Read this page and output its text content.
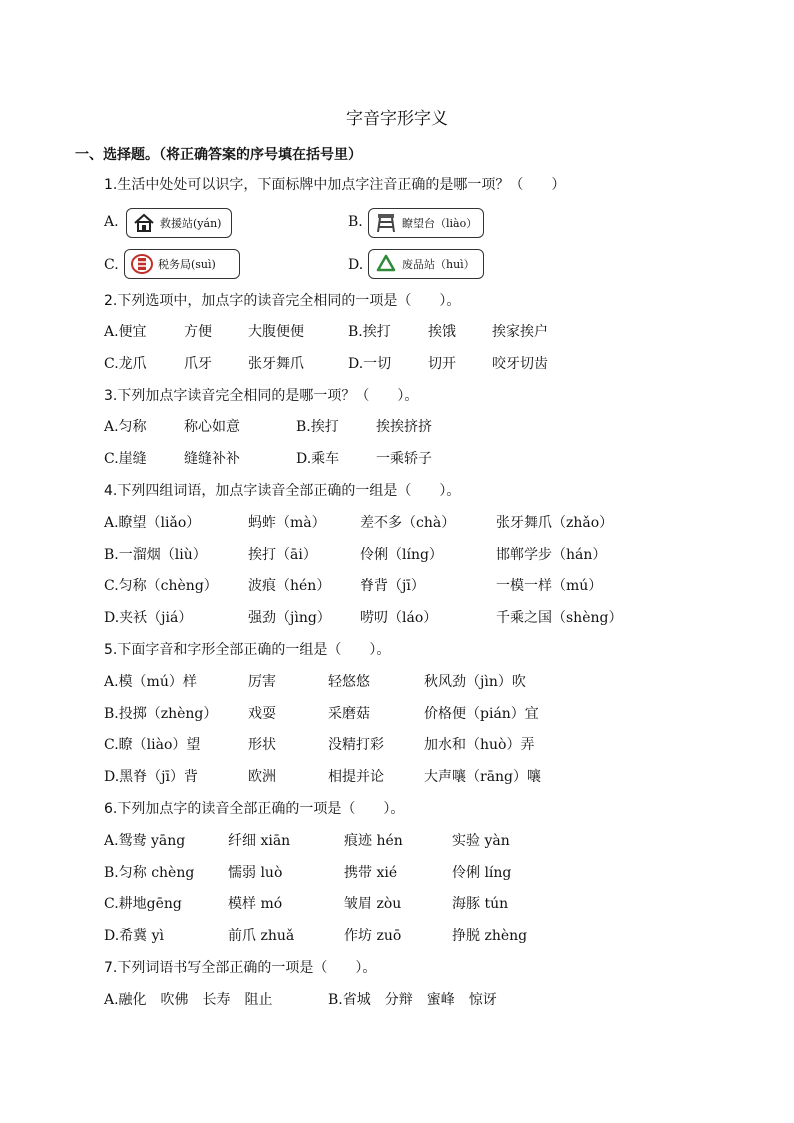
字音字形字义
一、选择题。（将正确答案的序号填在括号里）
1.生活中处处可以识字，下面标牌中加点字注音正确的是哪一项？（　　）
A.	救援站(yán)	B.	瞭望台（liào）
C.	税务局(suì)	D.	废品站（huì）
2.下列选项中，加点字的读音完全相同的一项是（　　）。
A.便宜	方便	大腹便便	B.挨打	挨饿	挨家挨户
C.龙爪	爪牙	张牙舞爪	D.一切	切开	咬牙切齿
3.下列加点字读音完全相同的是哪一项？（　　）。
A.匀称	称心如意	B.挨打	挨挨挤挤
C.崖缝	缝缝补补	D.乘车	一乘轿子
4.下列四组词语，加点字读音全部正确的一组是（　　）。
A.瞭望（liǎo）	蚂蚱（mà） 差不多（chà）	张牙舞爪（zhǎo）
B.一溜烟（liù）	挨打（āi）	伶俐（líng）	邯郸学步（hán）
C.匀称（chèng） 波痕（hén） 脊背（jī）	一模一样（mú）
D.夹袄（jiá）	强劲（jìng） 唠叨（láo）	千乘之国（shèng）
5.下面字音和字形全部正确的一组是（　　）。
A.模（mú）样	厉害	轻悠悠	秋风劲（jìn）吹
B.投掷（zhèng） 戏耍	采磨菇	价格便（pián）宜
C.瞭（liào）望	形状	没精打彩	加水和（huò）弄
D.黑脊（jī）背	欧洲	相提并论	大声嚷（rāng）嚷
6.下列加点字的读音全部正确的一项是（　　）。
A.鸳鸯 yāng	纤细 xiān	痕迹 hén	实验 yàn
B.匀称 chèng 懦弱 luò	携带 xié	伶俐 líng
C.耕地gēng	模样 mó	皱眉 zòu	海豚 tún
D.希冀 yì	前爪 zhuǎ	作坊 zuō	挣脱 zhèng
7.下列词语书写全部正确的一项是（　　）。
A.融化　吹佛　长寿　阻止	B.省城　分辩　蜜峰　惊讶
